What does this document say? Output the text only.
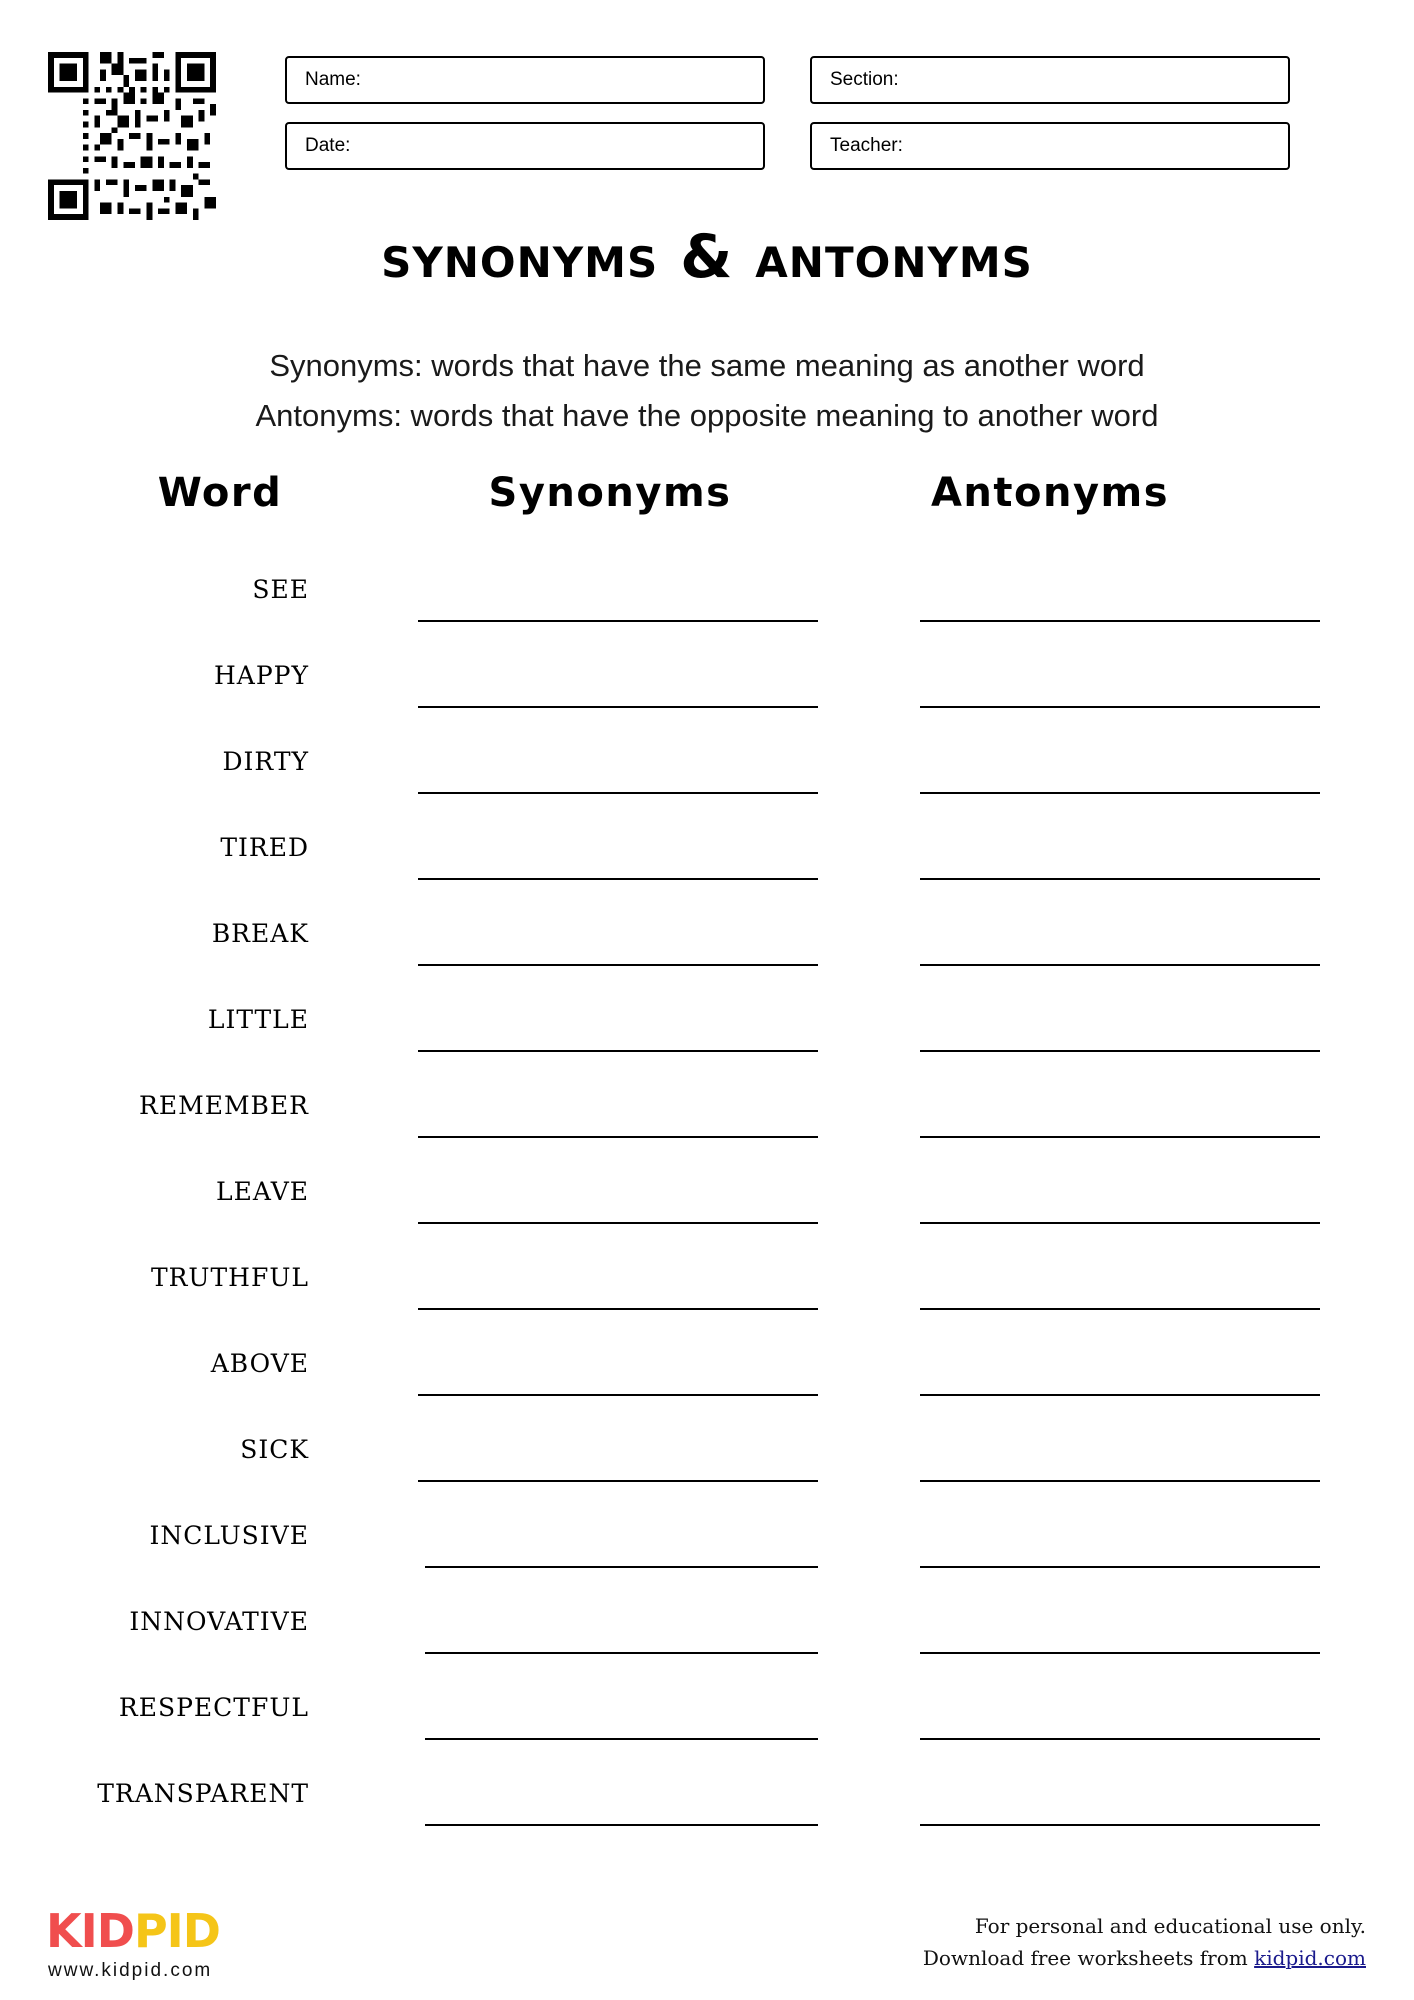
Name:	Section:
Date:	Teacher:
synonyms & antonyms
Synonyms: words that have the same meaning as another word
Antonyms: words that have the opposite meaning to another word
Word	Synonyms	Antonyms
see
happy
dirty
tired
break
little
remember
leave
truthful
above
sick
inclusive
innovative
respectful
transparent
KIDPID
www.kidpid.com
For personal and educational use only.
Download free worksheets from kidpid.com
